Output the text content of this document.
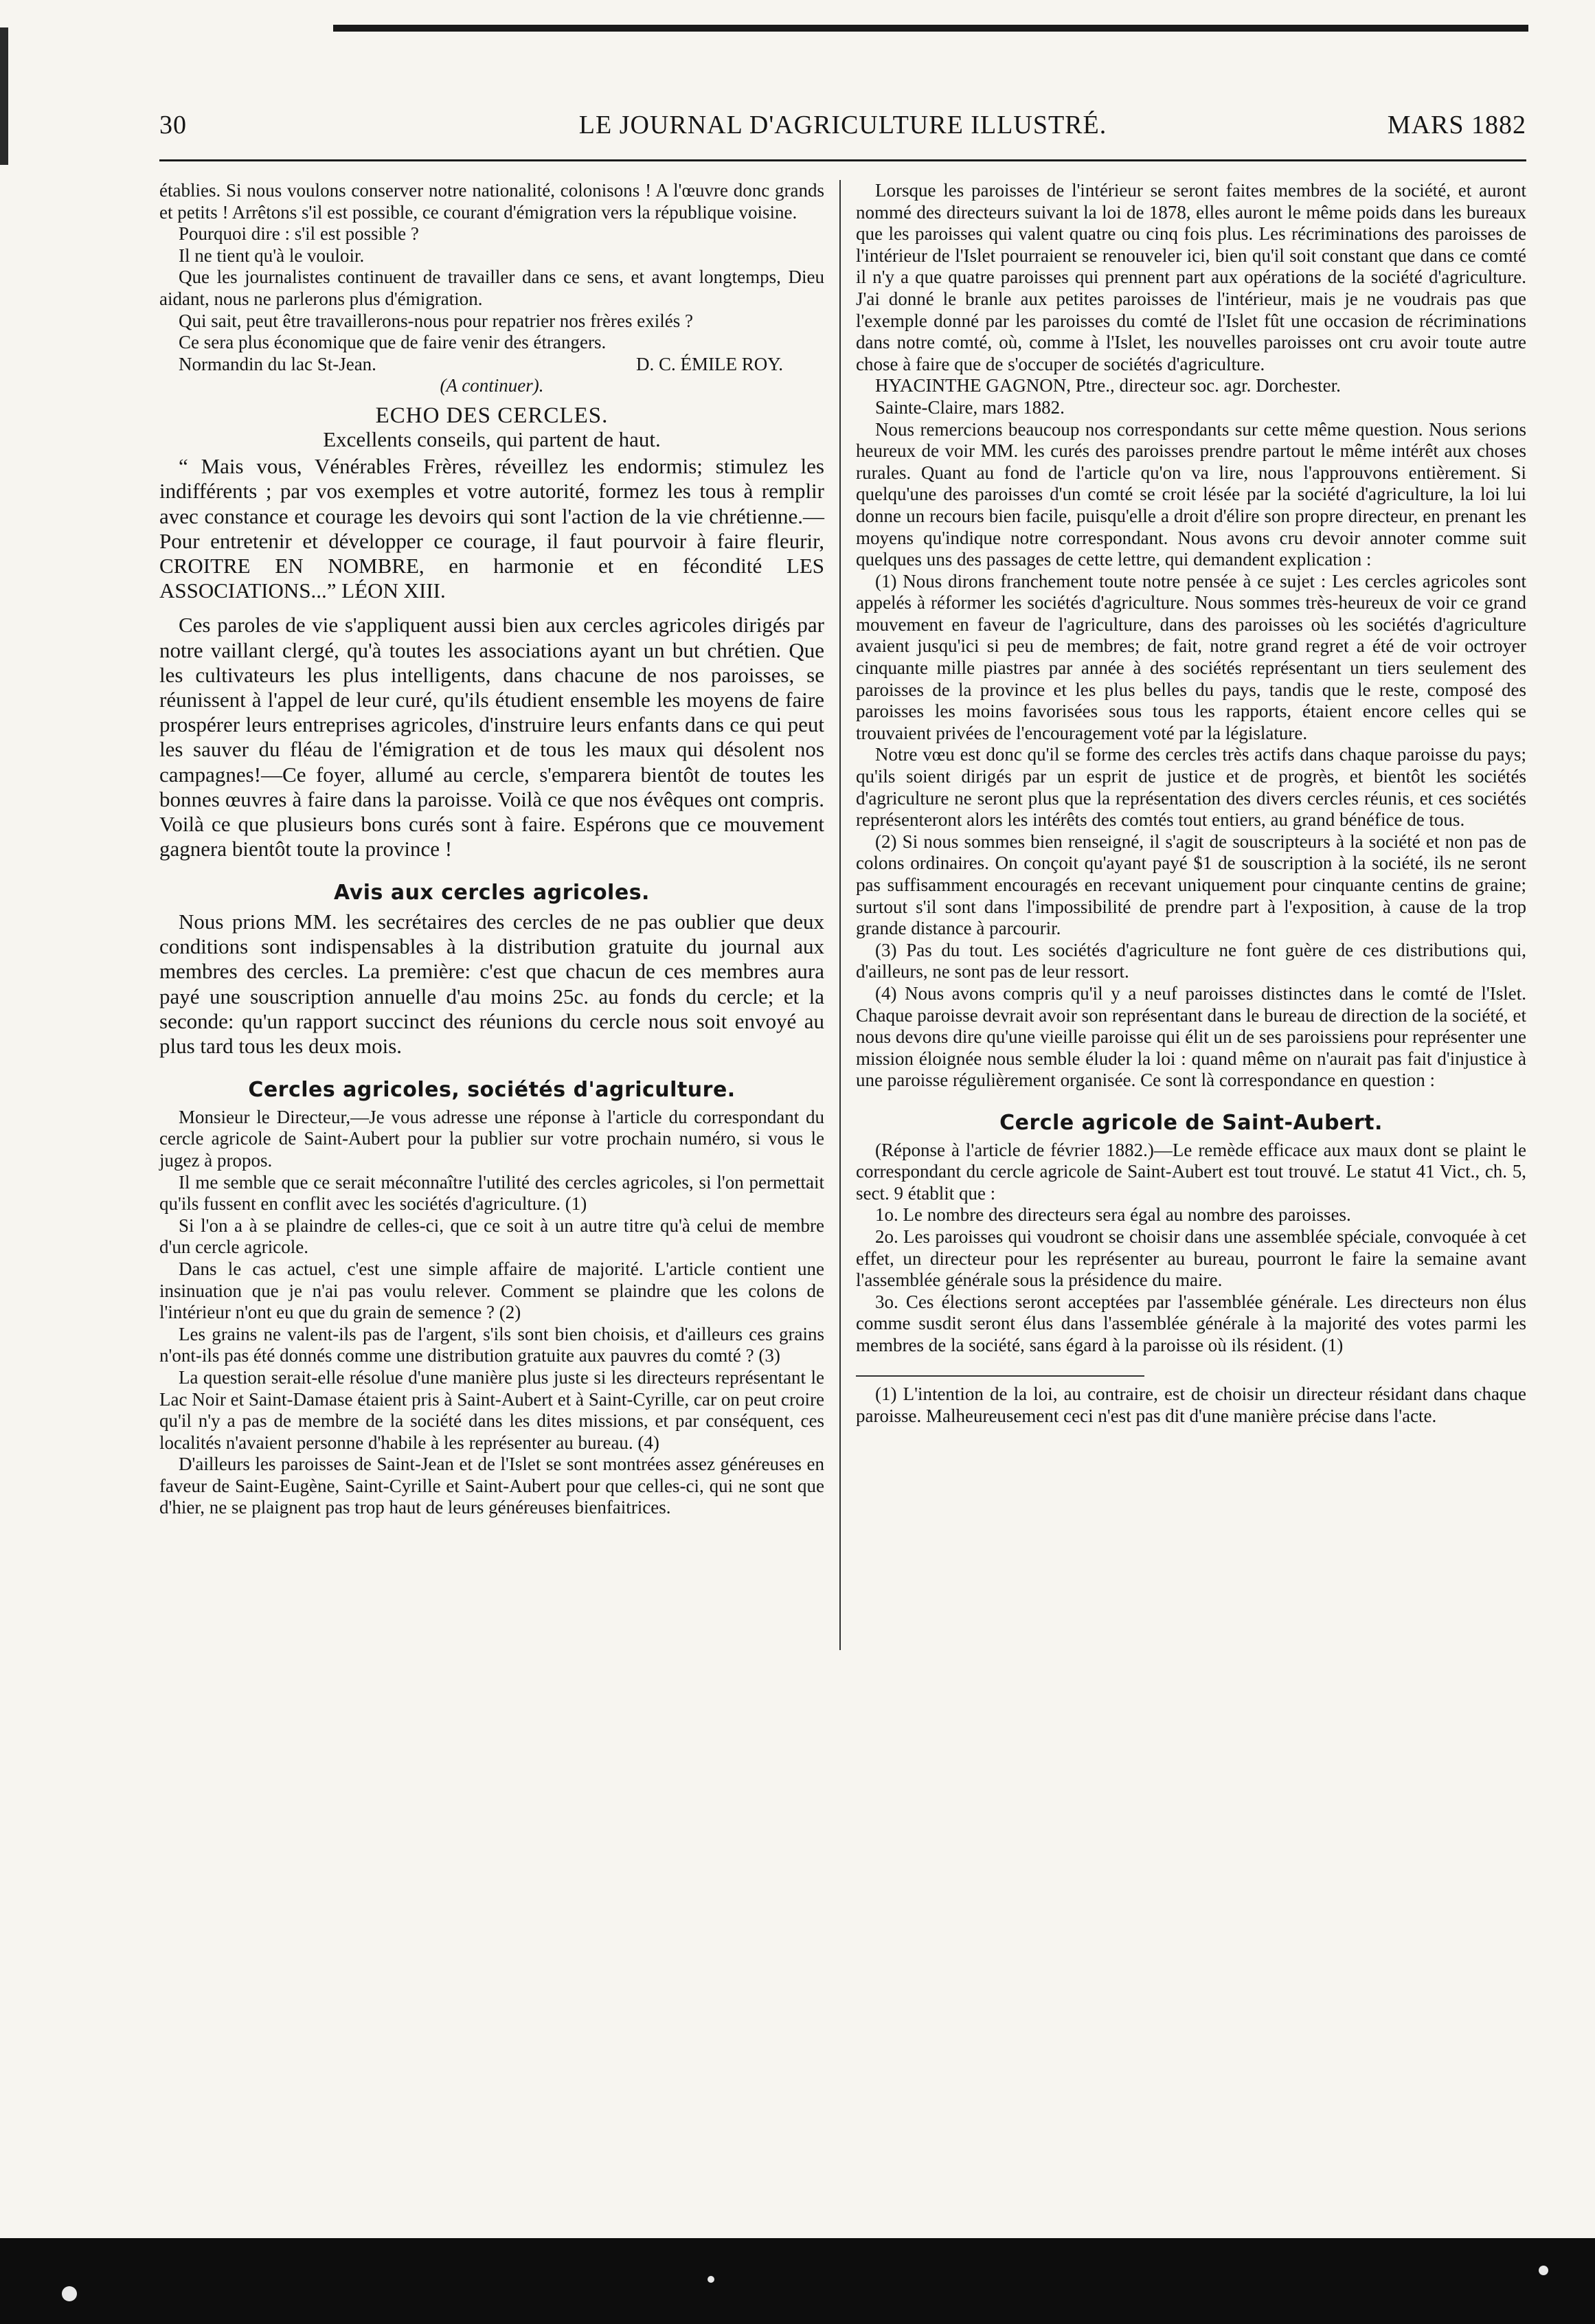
30	LE JOURNAL D'AGRICULTURE ILLUSTRÉ.	MARS 1882

établies. Si nous voulons conserver notre nationalité, colonisons ! A l'œuvre donc grands et petits ! Arrêtons s'il est possible, ce courant d'émigration vers la république voisine.

Pourquoi dire : s'il est possible ?

Il ne tient qu'à le vouloir.

Que les journalistes continuent de travailler dans ce sens, et avant longtemps, Dieu aidant, nous ne parlerons plus d'émigration.

Qui sait, peut être travaillerons-nous pour repatrier nos frères exilés ?

Ce sera plus économique que de faire venir des étrangers.

Normandin du lac St-Jean.	D. C. ÉMILE ROY.
(A continuer).
ECHO DES CERCLES.
Excellents conseils, qui partent de haut.

“ Mais vous, Vénérables Frères, réveillez les endormis; stimulez les indifférents ; par vos exemples et votre autorité, formez les tous à remplir avec constance et courage les devoirs qui sont l'action de la vie chrétienne.—Pour entretenir et développer ce courage, il faut pourvoir à faire fleurir, CROITRE EN NOMBRE, en harmonie et en fécondité LES ASSOCIATIONS...” LÉON XIII.

Ces paroles de vie s'appliquent aussi bien aux cercles agricoles dirigés par notre vaillant clergé, qu'à toutes les associations ayant un but chrétien. Que les cultivateurs les plus intelligents, dans chacune de nos paroisses, se réunissent à l'appel de leur curé, qu'ils étudient ensemble les moyens de faire prospérer leurs entreprises agricoles, d'instruire leurs enfants dans ce qui peut les sauver du fléau de l'émigration et de tous les maux qui désolent nos campagnes!—Ce foyer, allumé au cercle, s'emparera bientôt de toutes les bonnes œuvres à faire dans la paroisse. Voilà ce que nos évêques ont compris. Voilà ce que plusieurs bons curés sont à faire. Espérons que ce mouvement gagnera bientôt toute la province !

Avis aux cercles agricoles.

Nous prions MM. les secrétaires des cercles de ne pas oublier que deux conditions sont indispensables à la distribution gratuite du journal aux membres des cercles. La première: c'est que chacun de ces membres aura payé une souscription annuelle d'au moins 25c. au fonds du cercle; et la seconde: qu'un rapport succinct des réunions du cercle nous soit envoyé au plus tard tous les deux mois.

Cercles agricoles, sociétés d'agriculture.

Monsieur le Directeur,—Je vous adresse une réponse à l'article du correspondant du cercle agricole de Saint-Aubert pour la publier sur votre prochain numéro, si vous le jugez à propos.

Il me semble que ce serait méconnaître l'utilité des cercles agricoles, si l'on permettait qu'ils fussent en conflit avec les sociétés d'agriculture. (1)

Si l'on a à se plaindre de celles-ci, que ce soit à un autre titre qu'à celui de membre d'un cercle agricole.

Dans le cas actuel, c'est une simple affaire de majorité. L'article contient une insinuation que je n'ai pas voulu relever. Comment se plaindre que les colons de l'intérieur n'ont eu que du grain de semence ? (2)

Les grains ne valent-ils pas de l'argent, s'ils sont bien choisis, et d'ailleurs ces grains n'ont-ils pas été donnés comme une distribution gratuite aux pauvres du comté ? (3)

La question serait-elle résolue d'une manière plus juste si les directeurs représentant le Lac Noir et Saint-Damase étaient pris à Saint-Aubert et à Saint-Cyrille, car on peut croire qu'il n'y a pas de membre de la société dans les dites missions, et par conséquent, ces localités n'avaient personne d'habile à les représenter au bureau. (4)

D'ailleurs les paroisses de Saint-Jean et de l'Islet se sont montrées assez généreuses en faveur de Saint-Eugène, Saint-Cyrille et Saint-Aubert pour que celles-ci, qui ne sont que d'hier, ne se plaignent pas trop haut de leurs généreuses bienfaitrices.

Lorsque les paroisses de l'intérieur se seront faites membres de la société, et auront nommé des directeurs suivant la loi de 1878, elles auront le même poids dans les bureaux que les paroisses qui valent quatre ou cinq fois plus. Les récriminations des paroisses de l'intérieur de l'Islet pourraient se renouveler ici, bien qu'il soit constant que dans ce comté il n'y a que quatre paroisses qui prennent part aux opérations de la société d'agriculture. J'ai donné le branle aux petites paroisses de l'intérieur, mais je ne voudrais pas que l'exemple donné par les paroisses du comté de l'Islet fût une occasion de récriminations dans notre comté, où, comme à l'Islet, les nouvelles paroisses ont cru avoir toute autre chose à faire que de s'occuper de sociétés d'agriculture.

HYACINTHE GAGNON, Ptre., directeur soc. agr. Dorchester.

Sainte-Claire, mars 1882.

Nous remercions beaucoup nos correspondants sur cette même question. Nous serions heureux de voir MM. les curés des paroisses prendre partout le même intérêt aux choses rurales. Quant au fond de l'article qu'on va lire, nous l'approuvons entièrement. Si quelqu'une des paroisses d'un comté se croit lésée par la société d'agriculture, la loi lui donne un recours bien facile, puisqu'elle a droit d'élire son propre directeur, en prenant les moyens qu'indique notre correspondant. Nous avons cru devoir annoter comme suit quelques uns des passages de cette lettre, qui demandent explication :

(1) Nous dirons franchement toute notre pensée à ce sujet : Les cercles agricoles sont appelés à réformer les sociétés d'agriculture. Nous sommes très-heureux de voir ce grand mouvement en faveur de l'agriculture, dans des paroisses où les sociétés d'agriculture avaient jusqu'ici si peu de membres; de fait, notre grand regret a été de voir octroyer cinquante mille piastres par année à des sociétés représentant un tiers seulement des paroisses de la province et les plus belles du pays, tandis que le reste, composé des paroisses les moins favorisées sous tous les rapports, étaient encore celles qui se trouvaient privées de l'encouragement voté par la législature.

Notre vœu est donc qu'il se forme des cercles très actifs dans chaque paroisse du pays; qu'ils soient dirigés par un esprit de justice et de progrès, et bientôt les sociétés d'agriculture ne seront plus que la représentation des divers cercles réunis, et ces sociétés représenteront alors les intérêts des comtés tout entiers, au grand bénéfice de tous.

(2) Si nous sommes bien renseigné, il s'agit de souscripteurs à la société et non pas de colons ordinaires. On conçoit qu'ayant payé $1 de souscription à la société, ils ne seront pas suffisamment encouragés en recevant uniquement pour cinquante centins de graine; surtout s'il sont dans l'impossibilité de prendre part à l'exposition, à cause de la trop grande distance à parcourir.

(3) Pas du tout. Les sociétés d'agriculture ne font guère de ces distributions qui, d'ailleurs, ne sont pas de leur ressort.

(4) Nous avons compris qu'il y a neuf paroisses distinctes dans le comté de l'Islet. Chaque paroisse devrait avoir son représentant dans le bureau de direction de la société, et nous devons dire qu'une vieille paroisse qui élit un de ses paroissiens pour représenter une mission éloignée nous semble éluder la loi : quand même on n'aurait pas fait d'injustice à une paroisse régulièrement organisée. Ce sont là correspondance en question :

Cercle agricole de Saint-Aubert.

(Réponse à l'article de février 1882.)—Le remède efficace aux maux dont se plaint le correspondant du cercle agricole de Saint-Aubert est tout trouvé. Le statut 41 Vict., ch. 5, sect. 9 établit que :

1o. Le nombre des directeurs sera égal au nombre des paroisses.

2o. Les paroisses qui voudront se choisir dans une assemblée spéciale, convoquée à cet effet, un directeur pour les représenter au bureau, pourront le faire la semaine avant l'assemblée générale sous la présidence du maire.

3o. Ces élections seront acceptées par l'assemblée générale. Les directeurs non élus comme susdit seront élus dans l'assemblée générale à la majorité des votes parmi les membres de la société, sans égard à la paroisse où ils résident. (1)

(1) L'intention de la loi, au contraire, est de choisir un directeur résidant dans chaque paroisse. Malheureusement ceci n'est pas dit d'une manière précise dans l'acte.
